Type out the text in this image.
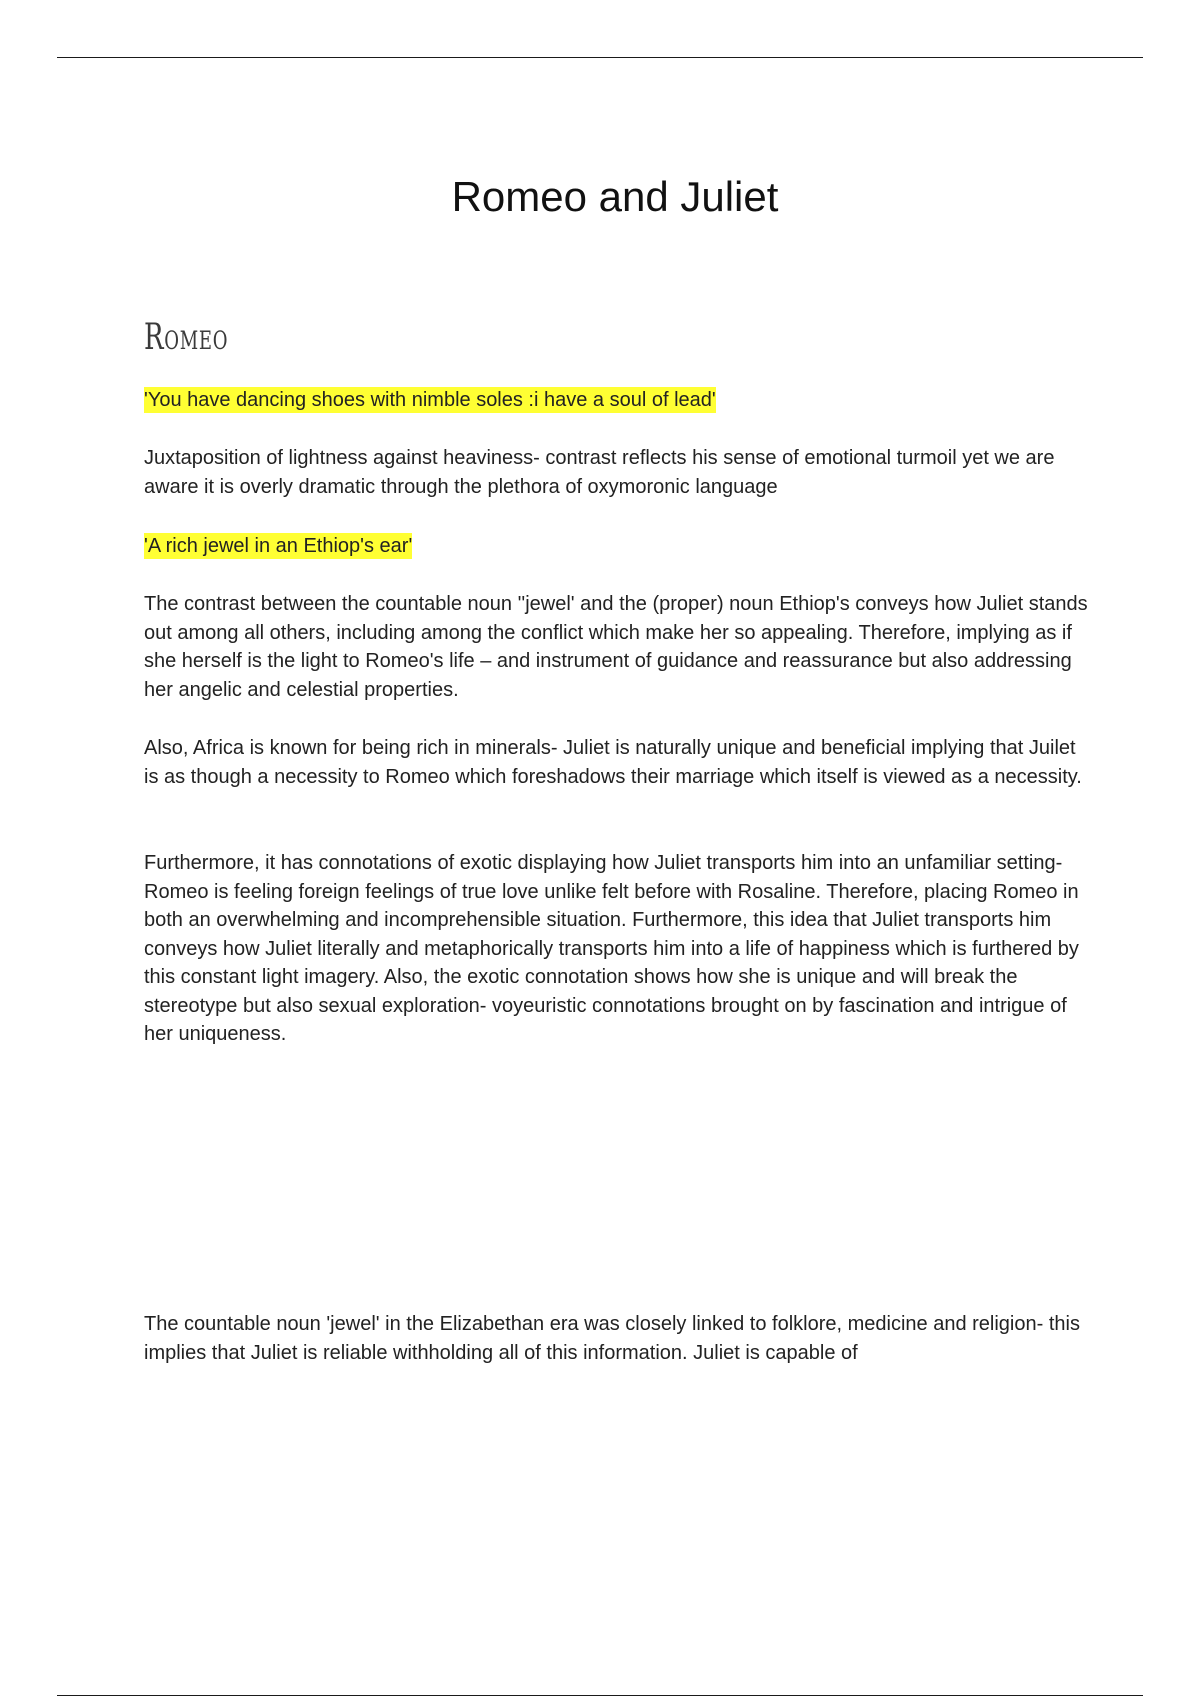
Romeo and Juliet
Romeo

'You have dancing shoes with nimble soles :i have a soul of lead'

Juxtaposition of lightness against heaviness- contrast reflects his sense of emotional turmoil yet we are aware it is overly dramatic through the plethora of oxymoronic language

'A rich jewel in an Ethiop's ear'

The contrast between the countable noun ''jewel' and the (proper) noun Ethiop's conveys how Juliet stands out among all others, including among the conflict which make her so appealing. Therefore, implying as if she herself is the light to Romeo's life – and instrument of guidance and reassurance but also addressing her angelic and celestial properties.

Also, Africa is known for being rich in minerals- Juliet is naturally unique and beneficial implying that Juilet is as though a necessity to Romeo which foreshadows their marriage which itself is viewed as a necessity.

Furthermore, it has connotations of exotic displaying how Juliet transports him into an unfamiliar setting- Romeo is feeling foreign feelings of true love unlike felt before with Rosaline. Therefore, placing Romeo in both an overwhelming and incomprehensible situation. Furthermore, this idea that Juliet transports him conveys how Juliet literally and metaphorically transports him into a life of happiness which is furthered by this constant light imagery. Also, the exotic connotation shows how she is unique and will break the stereotype but also sexual exploration- voyeuristic connotations brought on by fascination and intrigue of her uniqueness.

The countable noun 'jewel' in the Elizabethan era was closely linked to folklore, medicine and religion- this implies that Juliet is reliable withholding all of this information. Juliet is capable of
